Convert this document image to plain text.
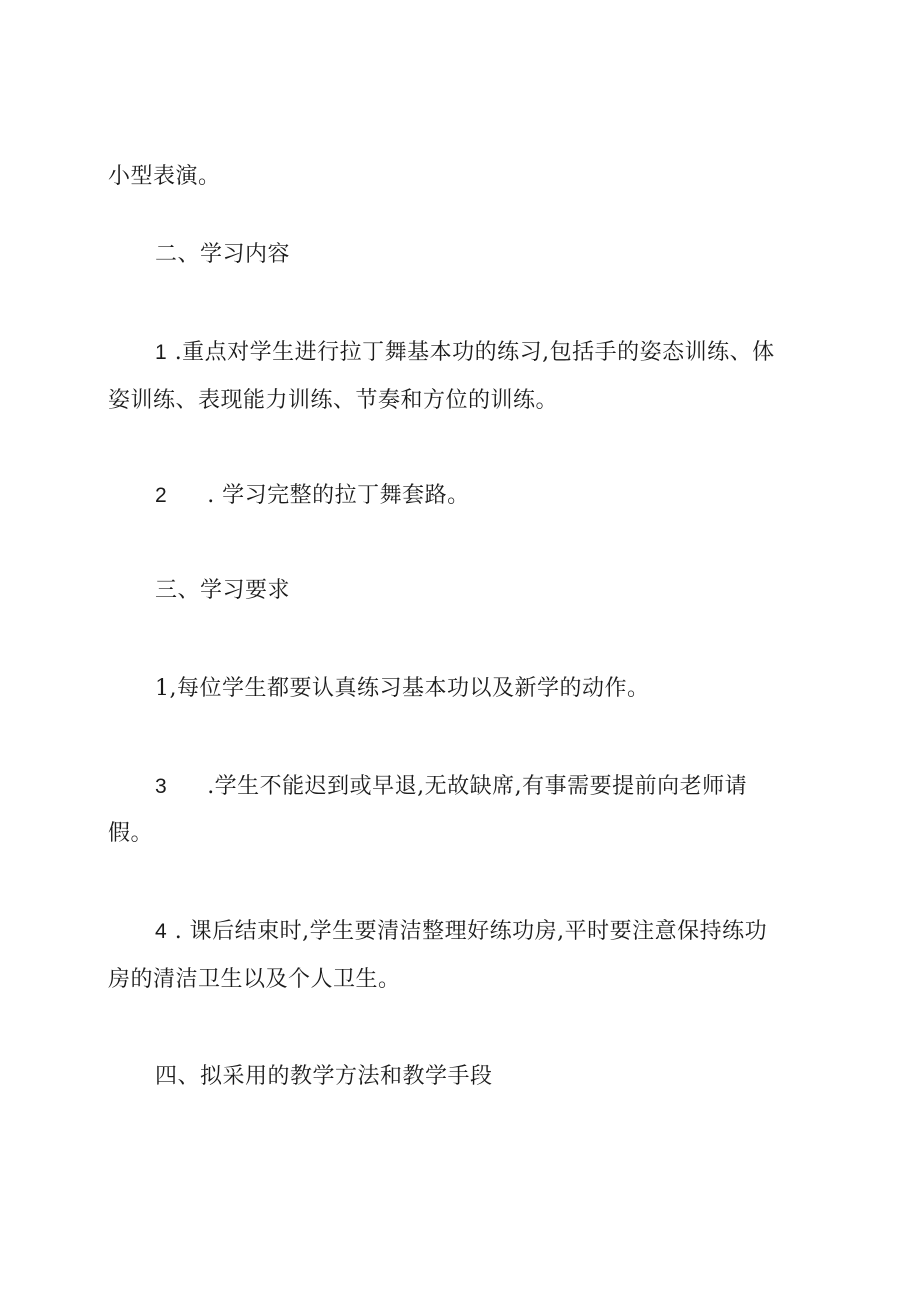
小型表演。
二、学习内容
1 .重点对学生进行拉丁舞基本功的练习,包括手的姿态训练、体
姿训练、表现能力训练、节奏和方位的训练。
2 . 学习完整的拉丁舞套路。
三、学习要求
1,每位学生都要认真练习基本功以及新学的动作。
3 .学生不能迟到或早退,无故缺席,有事需要提前向老师请
假。
4 . 课后结束时,学生要清洁整理好练功房,平时要注意保持练功
房的清洁卫生以及个人卫生。
四、拟采用的教学方法和教学手段
